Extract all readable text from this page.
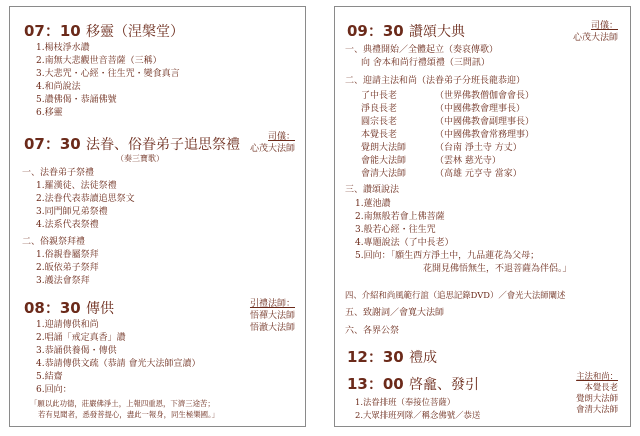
07：10 移靈（涅槃堂）
1.楊枝淨水讚
2.南無大悲觀世音菩薩（三稱）
3.大悲咒・心經・往生咒・變食真言
4.和尚說法
5.讚佛偈・恭誦佛號
6.移靈
07：30 法眷、俗眷弟子追思祭禮
（奏三寶歌）
司儀：
心茂大法師
一、法眷弟子祭禮
1.羅漢徒、法徒祭禮
2.法眷代表恭讀追思祭文
3.同門師兄弟祭禮
4.法系代表祭禮
二、俗親祭拜禮
1.俗親眷屬祭拜
2.皈依弟子祭拜
3.護法會祭拜
08：30 傳供	引禮法師：
悟禪大法師
悟澈大法師
1.迎請傳供和尚
2.唱誦「戒定真香」讚
3.恭誦供養偈・傳供
4.恭請傳供文疏（恭請 會光大法師宣讀）
5.結齋
6.回向：
「願以此功德，莊嚴佛淨土，上報四重恩，下濟三途苦；
若有見聞者，悉發菩提心，盡此一報身，同生極樂國。」
09：30 讚頌大典	司儀：
心茂大法師
一、典禮開始／全體起立（奏哀傳歌）
向 舍本和尚行禮頌禮（三問訊）
二、迎請主法和尚（法眷弟子分班長龍恭迎）
了中長老	（世界佛教僧伽會會長）
淨良長老	（中國佛教會理事長）
圓宗長老	（中國佛教會副理事長）
本覺長老	（中國佛教會常務理事）
覺朗大法師	（台南 淨土寺 方丈）
會能大法師	（雲林 慈光寺）
會清大法師	（高雄 元亨寺 當家）
三、讚頌說法
1.蓮池讚
2.南無般若會上佛菩薩
3.般若心經・往生咒
4.專題說法（了中長老）
5.回向：「願生西方淨土中，九品蓮花為父母；
花開見佛悟無生，不退菩薩為伴侶。」
四、介紹和尚風範行誼（追思記錄DVD）／會光大法師闡述
五、致謝詞／會寬大法師
六、各界公祭
12：30 禮成
13：00 啓龕、發引
主法和尚：
本覺長老
覺朗大法師
會清大法師
1.法眷排班（奉接位菩薩）
2.大眾排班列隊／稱念佛號／恭送
